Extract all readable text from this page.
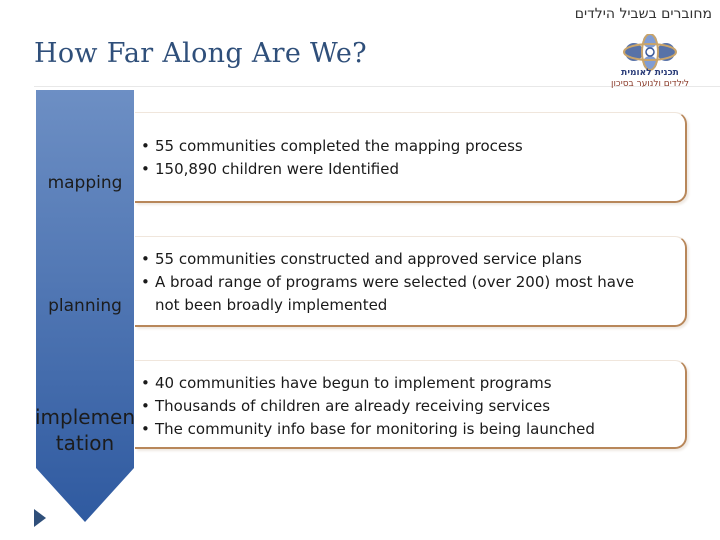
מחוברים בשביל הילדים
How Far Along Are We?
תכנית לאומית
לילדים ולנוער בסיכון
mapping
planning
implemen
tation
• 55 communities completed the mapping process
• 150,890 children were Identified
• 55 communities constructed and approved service plans
• A broad range of programs were selected (over 200) most have not been broadly implemented
• 40 communities have begun to implement programs
• Thousands of children are already receiving services
• The community info base for monitoring is being launched
